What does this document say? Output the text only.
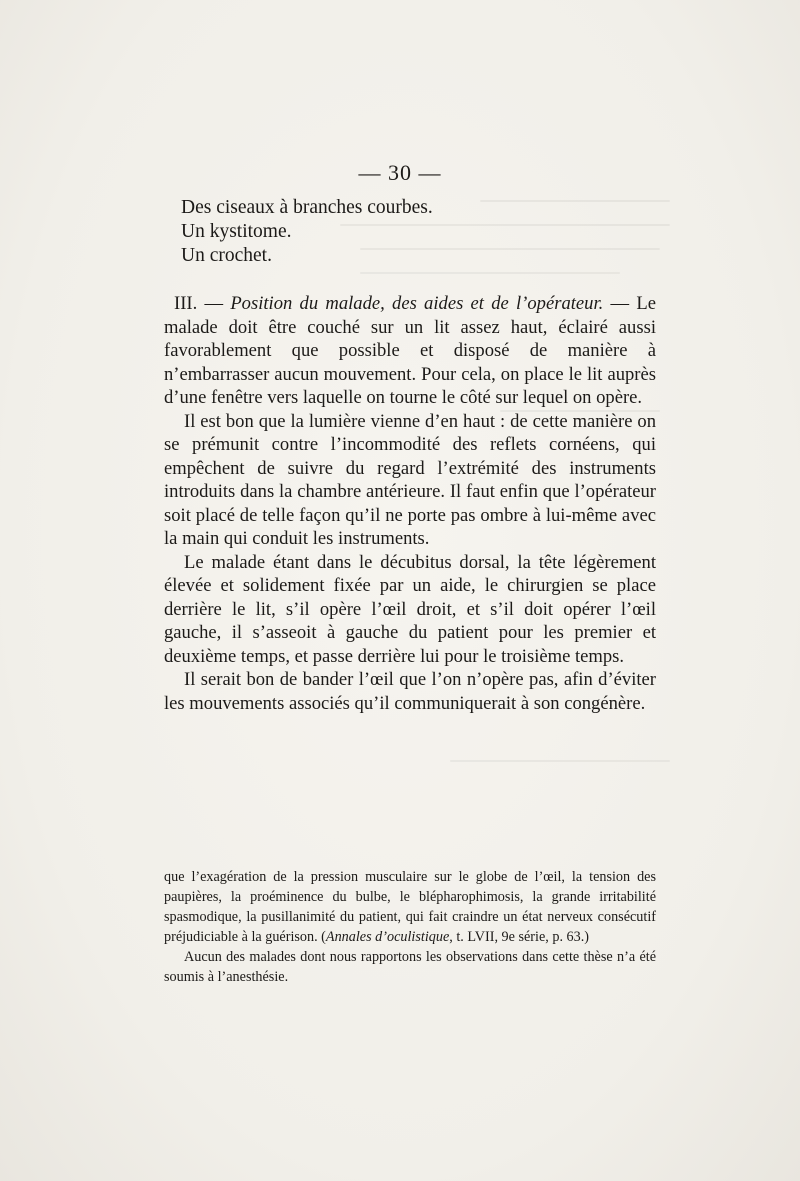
— 30 —
Des ciseaux à branches courbes.
Un kystitome.
Un crochet.

III. — Position du malade, des aides et de l’opérateur. — Le malade doit être couché sur un lit assez haut, éclairé aussi favorablement que possible et disposé de manière à n’embarrasser aucun mouvement. Pour cela, on place le lit auprès d’une fenêtre vers laquelle on tourne le côté sur lequel on opère.

Il est bon que la lumière vienne d’en haut : de cette manière on se prémunit contre l’incommodité des reflets cornéens, qui empêchent de suivre du regard l’extrémité des instruments introduits dans la chambre antérieure. Il faut enfin que l’opérateur soit placé de telle façon qu’il ne porte pas ombre à lui-même avec la main qui conduit les instruments.

Le malade étant dans le décubitus dorsal, la tête légèrement élevée et solidement fixée par un aide, le chirurgien se place derrière le lit, s’il opère l’œil droit, et s’il doit opérer l’œil gauche, il s’asseoit à gauche du patient pour les premier et deuxième temps, et passe derrière lui pour le troisième temps.

Il serait bon de bander l’œil que l’on n’opère pas, afin d’éviter les mouvements associés qu’il communiquerait à son congénère.

que l’exagération de la pression musculaire sur le globe de l’œil, la tension des paupières, la proéminence du bulbe, le blépharophimosis, la grande irritabilité spasmodique, la pusillanimité du patient, qui fait craindre un état nerveux consécutif préjudiciable à la guérison. (Annales d’oculistique, t. LVII, 9e série, p. 63.)

Aucun des malades dont nous rapportons les observations dans cette thèse n’a été soumis à l’anesthésie.
